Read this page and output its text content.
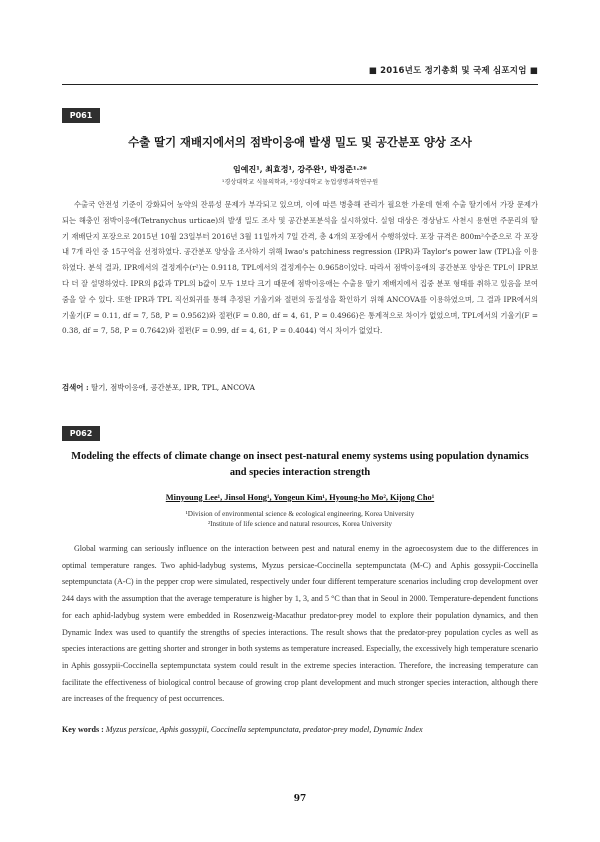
■ 2016년도 정기총회 및 국제 심포지엄 ■
P061
수출 딸기 재배지에서의 점박이응애 발생 밀도 및 공간분포 양상 조사
임예진¹, 최효정¹, 강주완¹, 박정준¹·²*
¹경상대학교 식물의학과, ²경상대학교 농업생명과학연구원
수출국 안전성 기준이 강화되어 농약의 잔류성 문제가 부각되고 있으며, 이에 따른 병충해 관리가 필요한 가운데 현재 수출 딸기에서 가장 문제가 되는 해충인 점박이응애(Tetranychus urticae)의 발생 밀도 조사 및 공간분포분석을 실시하였다. 실험 대상은 경상남도 사천시 용현면 주문리의 딸기 재배단지 포장으로 2015년 10월 23일부터 2016년 3월 11일까지 7일 간격, 총 4개의 포장에서 수행하였다. 포장 규격은 800m²수준으로 각 포장 내 7개 라인 중 15구역을 선정하였다. 공간분포 양상을 조사하기 위해 Iwao's patchiness regression (IPR)과 Taylor's power law (TPL)을 이용하였다. 분석 결과, IPR에서의 결정계수(r²)는 0.9118, TPL에서의 결정계수는 0.9658이었다. 따라서 점박이응애의 공간분포 양상은 TPL이 IPR보다 더 잘 설명하였다. IPR의 β값과 TPL의 b값이 모두 1보다 크기 때문에 점박이응애는 수출용 딸기 재배지에서 집중 분포 형태를 취하고 있음을 보여줌을 알 수 있다. 또한 IPR과 TPL 직선회귀를 통해 추정된 기울기와 절편의 동질성을 확인하기 위해 ANCOVA를 이용하였으며, 그 결과 IPR에서의 기울기(F = 0.11, df = 7, 58, P = 0.9562)와 절편(F = 0.80, df = 4, 61, P = 0.4966)은 통계적으로 차이가 없었으며, TPL에서의 기울기(F = 0.38, df = 7, 58, P = 0.7642)와 절편(F = 0.99, df = 4, 61, P = 0.4044) 역시 차이가 없었다.
검색어 : 딸기, 점박이응애, 공간분포, IPR, TPL, ANCOVA
P062
Modeling the effects of climate change on insect pest-natural enemy systems using population dynamics and species interaction strength
Minyoung Lee¹, Jinsol Hong¹, Yongeun Kim¹, Hyoung-ho Mo², Kijong Cho¹
¹Division of environmental science & ecological engineering, Korea University
²Institute of life science and natural resources, Korea University
Global warming can seriously influence on the interaction between pest and natural enemy in the agroecosystem due to the differences in optimal temperature ranges. Two aphid-ladybug systems, Myzus persicae-Coccinella septempunctata (M-C) and Aphis gossypii-Coccinella septempunctata (A-C) in the pepper crop were simulated, respectively under four different temperature scenarios including crop development over 244 days with the assumption that the average temperature is higher by 1, 3, and 5 °C than that in Seoul in 2000. Temperature-dependent functions for each aphid-ladybug system were embedded in Rosenzweig-Macathur predator-prey model to explore their population dynamics, and then Dynamic Index was used to quantify the strengths of species interactions. The result shows that the predator-prey population cycles as well as species interactions are getting shorter and stronger in both systems as temperature increased. Especially, the excessively high temperature scenario in Aphis gossypii-Coccinella septempunctata system could result in the extreme species interaction. Therefore, the increasing temperature can facilitate the effectiveness of biological control because of growing crop plant development and much stronger species interaction, although there are increases of the frequency of pest occurrences.
Key words : Myzus persicae, Aphis gossypii, Coccinella septempunctata, predator-prey model, Dynamic Index
97
